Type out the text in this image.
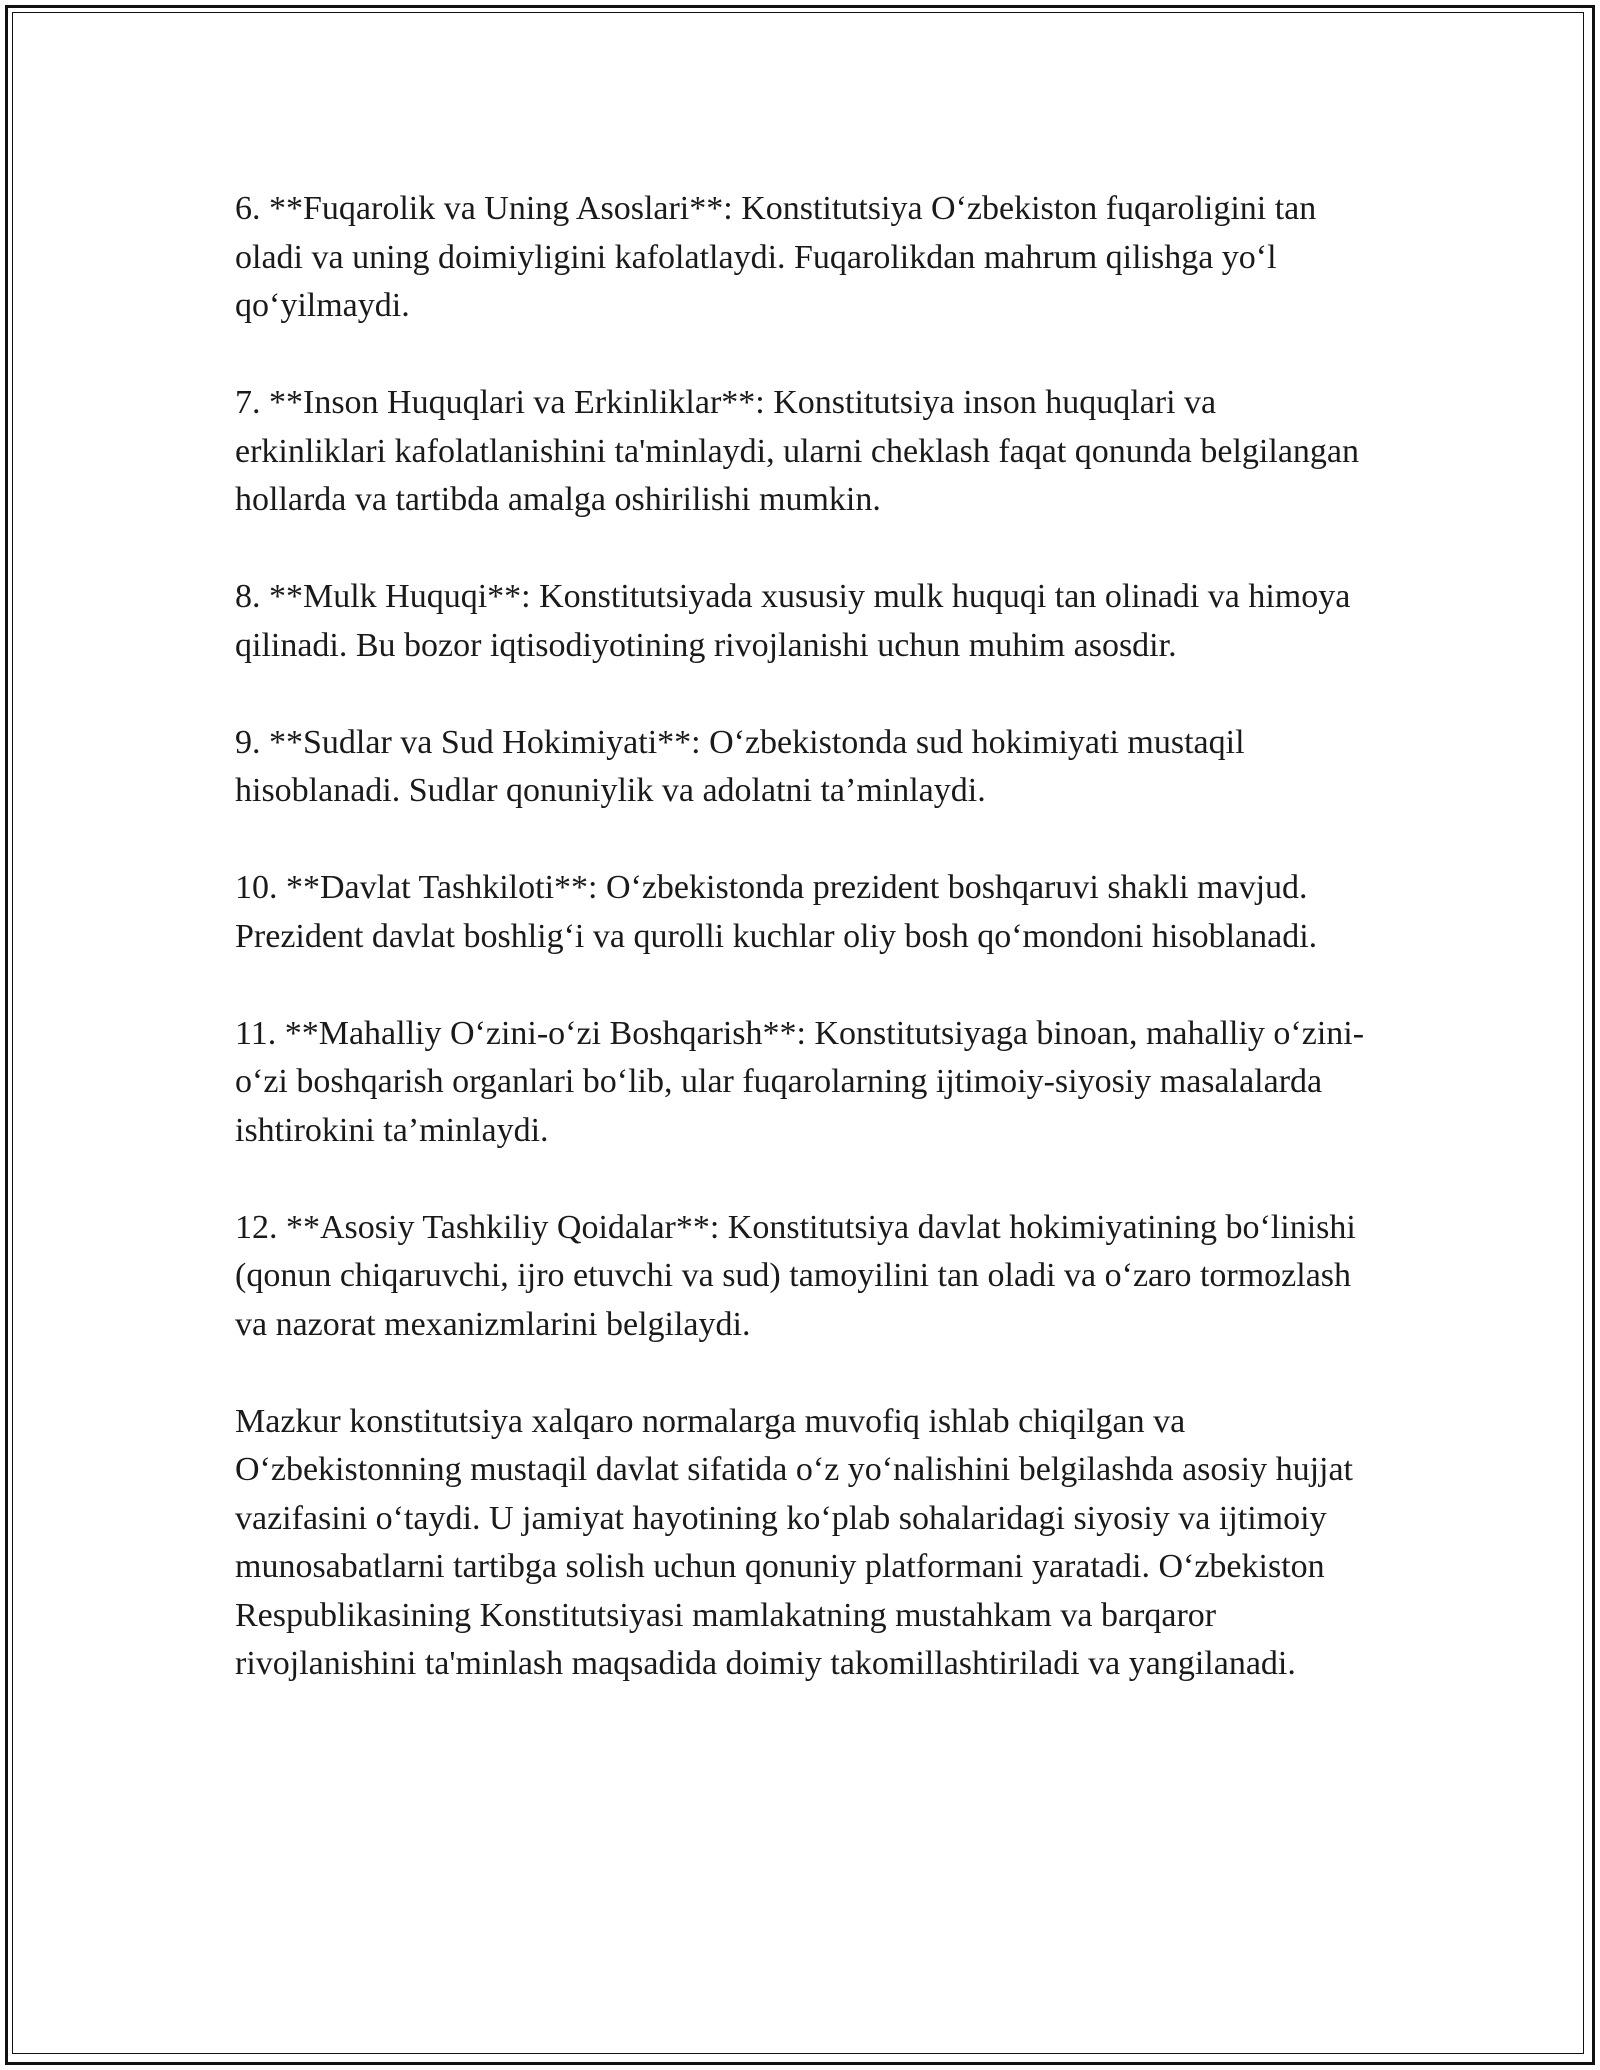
6. **Fuqarolik va Uning Asoslari**: Konstitutsiya O‘zbekiston fuqaroligini tan oladi va uning doimiyligini kafolatlaydi. Fuqarolikdan mahrum qilishga yo‘l qo‘yilmaydi.

7. **Inson Huquqlari va Erkinliklar**: Konstitutsiya inson huquqlari va erkinliklari kafolatlanishini ta'minlaydi, ularni cheklash faqat qonunda belgilangan hollarda va tartibda amalga oshirilishi mumkin.

8. **Mulk Huquqi**: Konstitutsiyada xususiy mulk huquqi tan olinadi va himoya qilinadi. Bu bozor iqtisodiyotining rivojlanishi uchun muhim asosdir.

9. **Sudlar va Sud Hokimiyati**: O‘zbekistonda sud hokimiyati mustaqil hisoblanadi. Sudlar qonuniylik va adolatni ta’minlaydi.

10. **Davlat Tashkiloti**: O‘zbekistonda prezident boshqaruvi shakli mavjud. Prezident davlat boshlig‘i va qurolli kuchlar oliy bosh qo‘mondoni hisoblanadi.

11. **Mahalliy O‘zini-o‘zi Boshqarish**: Konstitutsiyaga binoan, mahalliy o‘zini-o‘zi boshqarish organlari bo‘lib, ular fuqarolarning ijtimoiy-siyosiy masalalarda ishtirokini ta’minlaydi.

12. **Asosiy Tashkiliy Qoidalar**: Konstitutsiya davlat hokimiyatining bo‘linishi (qonun chiqaruvchi, ijro etuvchi va sud) tamoyilini tan oladi va o‘zaro tormozlash va nazorat mexanizmlarini belgilaydi.

Mazkur konstitutsiya xalqaro normalarga muvofiq ishlab chiqilgan va O‘zbekistonning mustaqil davlat sifatida o‘z yo‘nalishini belgilashda asosiy hujjat vazifasini o‘taydi. U jamiyat hayotining ko‘plab sohalaridagi siyosiy va ijtimoiy munosabatlarni tartibga solish uchun qonuniy platformani yaratadi. O‘zbekiston Respublikasining Konstitutsiyasi mamlakatning mustahkam va barqaror rivojlanishini ta'minlash maqsadida doimiy takomillashtiriladi va yangilanadi.
